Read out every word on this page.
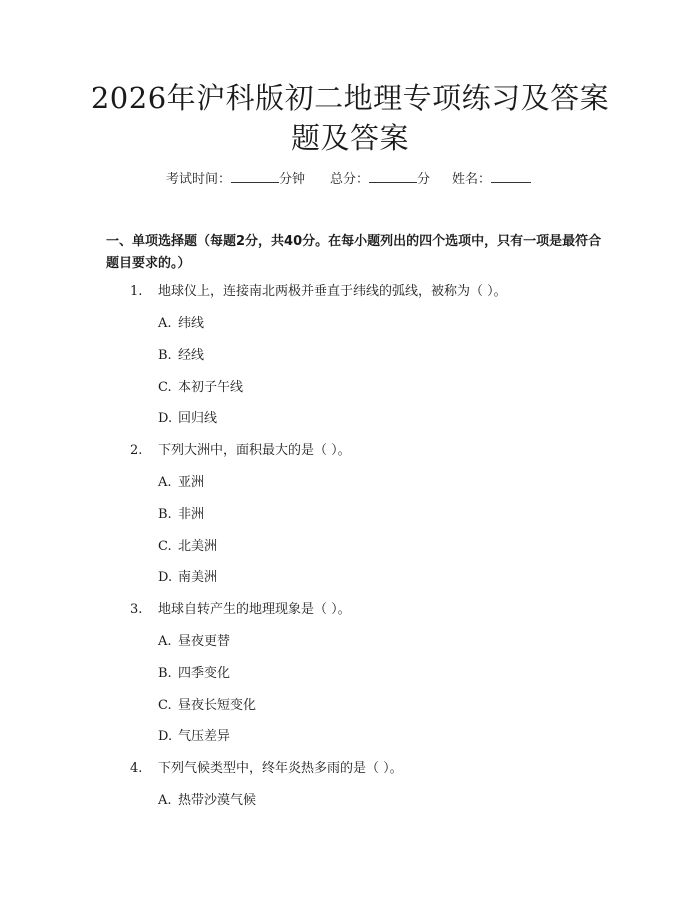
2026年沪科版初二地理专项练习及答案题及答案
考试时间：	分钟 总分：	分 姓名：

一、单项选择题（每题2分，共40分。在每小题列出的四个选项中，只有一项是最符合题目要求的。）

1. 地球仪上，连接南北两极并垂直于纬线的弧线，被称为（ ）。
A. 纬线
B. 经线
C. 本初子午线
D. 回归线
2. 下列大洲中，面积最大的是（ ）。
A. 亚洲
B. 非洲
C. 北美洲
D. 南美洲
3. 地球自转产生的地理现象是（ ）。
A. 昼夜更替
B. 四季变化
C. 昼夜长短变化
D. 气压差异
4. 下列气候类型中，终年炎热多雨的是（ ）。
A. 热带沙漠气候
